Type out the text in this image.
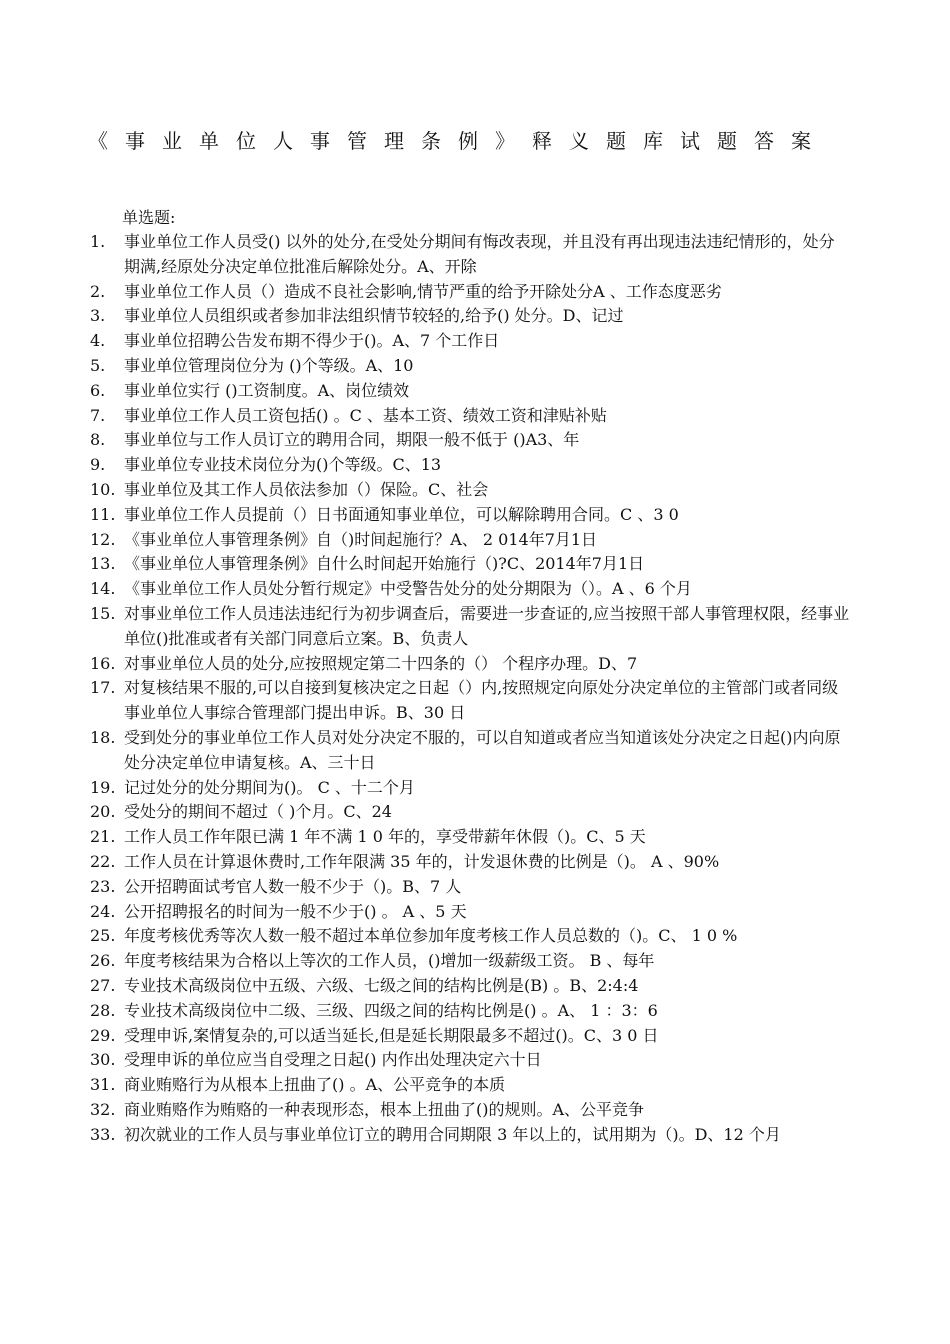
《事业单位人事管理条例》释义题库试题答案
单选题:
1.	事业单位工作人员受() 以外的处分,在受处分期间有悔改表现，并且没有再出现违法违纪情形的，处分期满,经原处分决定单位批准后解除处分。A、开除
2.	事业单位工作人员（）造成不良社会影响,情节严重的给予开除处分A 、工作态度恶劣
3.	事业单位人员组织或者参加非法组织情节较轻的,给予() 处分。D、记过
4.	事业单位招聘公告发布期不得少于()。A、7 个工作日
5.	事业单位管理岗位分为 ()个等级。A、10
6.	事业单位实行 ()工资制度。A、岗位绩效
7.	事业单位工作人员工资包括() 。C 、基本工资、绩效工资和津贴补贴
8.	事业单位与工作人员订立的聘用合同，期限一般不低于 ()A3、年
9.	事业单位专业技术岗位分为()个等级。C、13
10. 事业单位及其工作人员依法参加（）保险。C、社会
11. 事业单位工作人员提前（）日书面通知事业单位，可以解除聘用合同。C 、3 0
12. 《事业单位人事管理条例》自（)时间起施行？A、 2 014年7月1日
13. 《事业单位人事管理条例》自什么时间起开始施行（)?C、2014年7月1日
14. 《事业单位工作人员处分暂行规定》中受警告处分的处分期限为（）。A 、6 个月
15. 对事业单位工作人员违法违纪行为初步调查后，需要进一步查证的,应当按照干部人事管理权限，经事业单位()批准或者有关部门同意后立案。B、负责人
16. 对事业单位人员的处分,应按照规定第二十四条的（） 个程序办理。D、7
17. 对复核结果不服的,可以自接到复核决定之日起（）内,按照规定向原处分决定单位的主管部门或者同级事业单位人事综合管理部门提出申诉。B、30 日
18. 受到处分的事业单位工作人员对处分决定不服的，可以自知道或者应当知道该处分决定之日起()内向原处分决定单位申请复核。A、三十日
19. 记过处分的处分期间为()。 C 、十二个月
20. 受处分的期间不超过（ )个月。C、24
21. 工作人员工作年限已满 1 年不满 1 0 年的，享受带薪年休假（)。C、5 天
22. 工作人员在计算退休费时,工作年限满 35 年的，计发退休费的比例是（)。 A 、90%
23. 公开招聘面试考官人数一般不少于（)。B、7 人
24. 公开招聘报名的时间为一般不少于() 。 A 、5 天
25. 年度考核优秀等次人数一般不超过本单位参加年度考核工作人员总数的（)。C、 1 0 %
26. 年度考核结果为合格以上等次的工作人员，()增加一级薪级工资。 B 、每年
27. 专业技术高级岗位中五级、六级、七级之间的结构比例是(B) 。B、2:4:4
28. 专业技术高级岗位中二级、三级、四级之间的结构比例是() 。A、 1 ：3：6
29. 受理申诉,案情复杂的,可以适当延长,但是延长期限最多不超过()。C、3 0 日
30. 受理申诉的单位应当自受理之日起() 内作出处理决定六十日
31. 商业贿赂行为从根本上扭曲了() 。A、公平竞争的本质
32. 商业贿赂作为贿赂的一种表现形态，根本上扭曲了()的规则。A、公平竞争
33. 初次就业的工作人员与事业单位订立的聘用合同期限 3 年以上的，试用期为（)。D、12 个月
